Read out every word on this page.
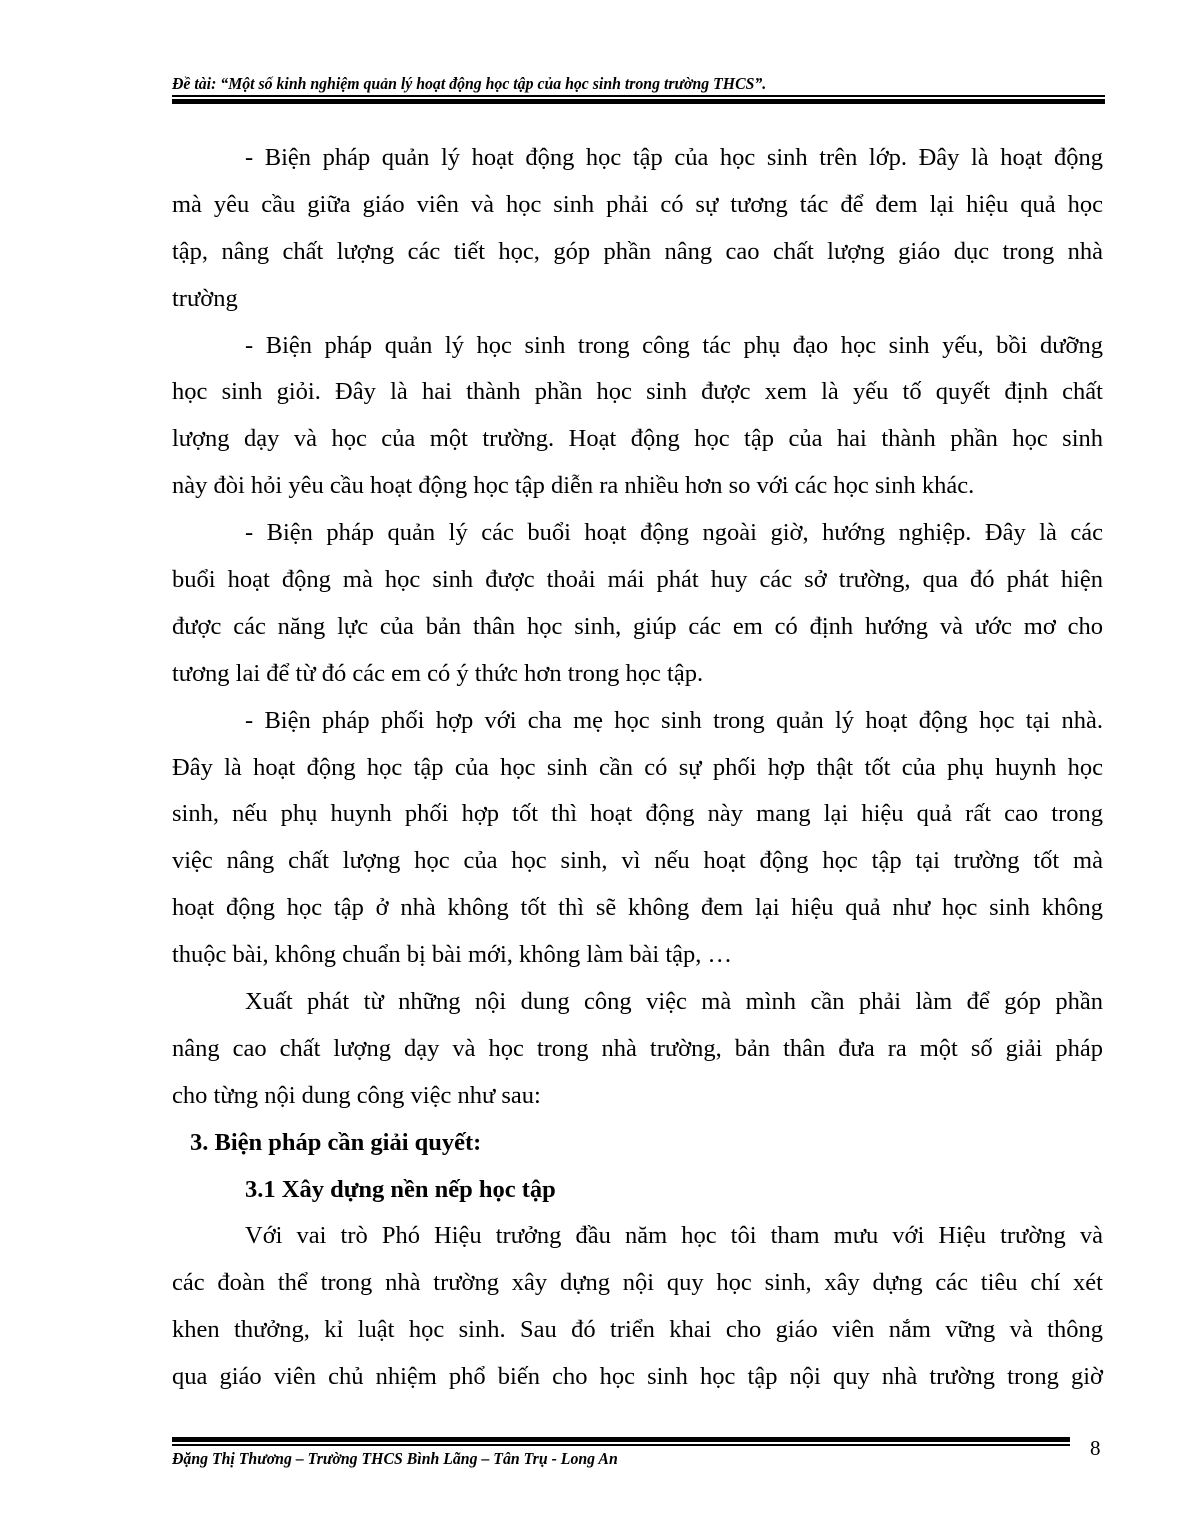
Đề tài: “Một số kinh nghiệm quản lý hoạt động học tập của học sinh trong trường THCS”.
- Biện pháp quản lý hoạt động học tập của học sinh trên lớp. Đây là hoạt động
mà yêu cầu giữa giáo viên và học sinh phải có sự tương tác để đem lại hiệu quả học
tập, nâng chất lượng các tiết học, góp phần nâng cao chất lượng giáo dục trong nhà
trường
- Biện pháp quản lý học sinh trong công tác phụ đạo học sinh yếu, bồi dưỡng
học sinh giỏi. Đây là hai thành phần học sinh được xem là yếu tố quyết định chất
lượng dạy và học của một trường. Hoạt động học tập của hai thành phần học sinh
này đòi hỏi yêu cầu hoạt động học tập diễn ra nhiều hơn so với các học sinh khác.
- Biện pháp quản lý các buổi hoạt động ngoài giờ, hướng nghiệp. Đây là các
buổi hoạt động mà học sinh được thoải mái phát huy các sở trường, qua đó phát hiện
được các năng lực của bản thân học sinh, giúp các em có định hướng và ước mơ cho
tương lai để từ đó các em có ý thức hơn trong học tập.
- Biện pháp phối hợp với cha mẹ học sinh trong quản lý hoạt động học tại nhà.
Đây là hoạt động học tập của học sinh cần có sự phối hợp thật tốt của phụ huynh học
sinh, nếu phụ huynh phối hợp tốt thì hoạt động này mang lại hiệu quả rất cao trong
việc nâng chất lượng học của học sinh, vì nếu hoạt động học tập tại trường tốt mà
hoạt động học tập ở nhà không tốt thì sẽ không đem lại hiệu quả như học sinh không
thuộc bài, không chuẩn bị bài mới, không làm bài tập, …
Xuất phát từ những nội dung công việc mà mình cần phải làm để góp phần
nâng cao chất lượng dạy và học trong nhà trường, bản thân đưa ra một số giải pháp
cho từng nội dung công việc như sau:
3. Biện pháp cần giải quyết:
3.1 Xây dựng nền nếp học tập
Với vai trò Phó Hiệu trưởng đầu năm học tôi tham mưu với Hiệu trường và
các đoàn thể trong nhà trường xây dựng nội quy học sinh, xây dựng các tiêu chí xét
khen thưởng, kỉ luật học sinh. Sau đó triển khai cho giáo viên nắm vững và thông
qua giáo viên chủ nhiệm phổ biến cho học sinh học tập nội quy nhà trường trong giờ
Đặng Thị Thương – Trường THCS Bình Lãng – Tân Trụ - Long An	8
